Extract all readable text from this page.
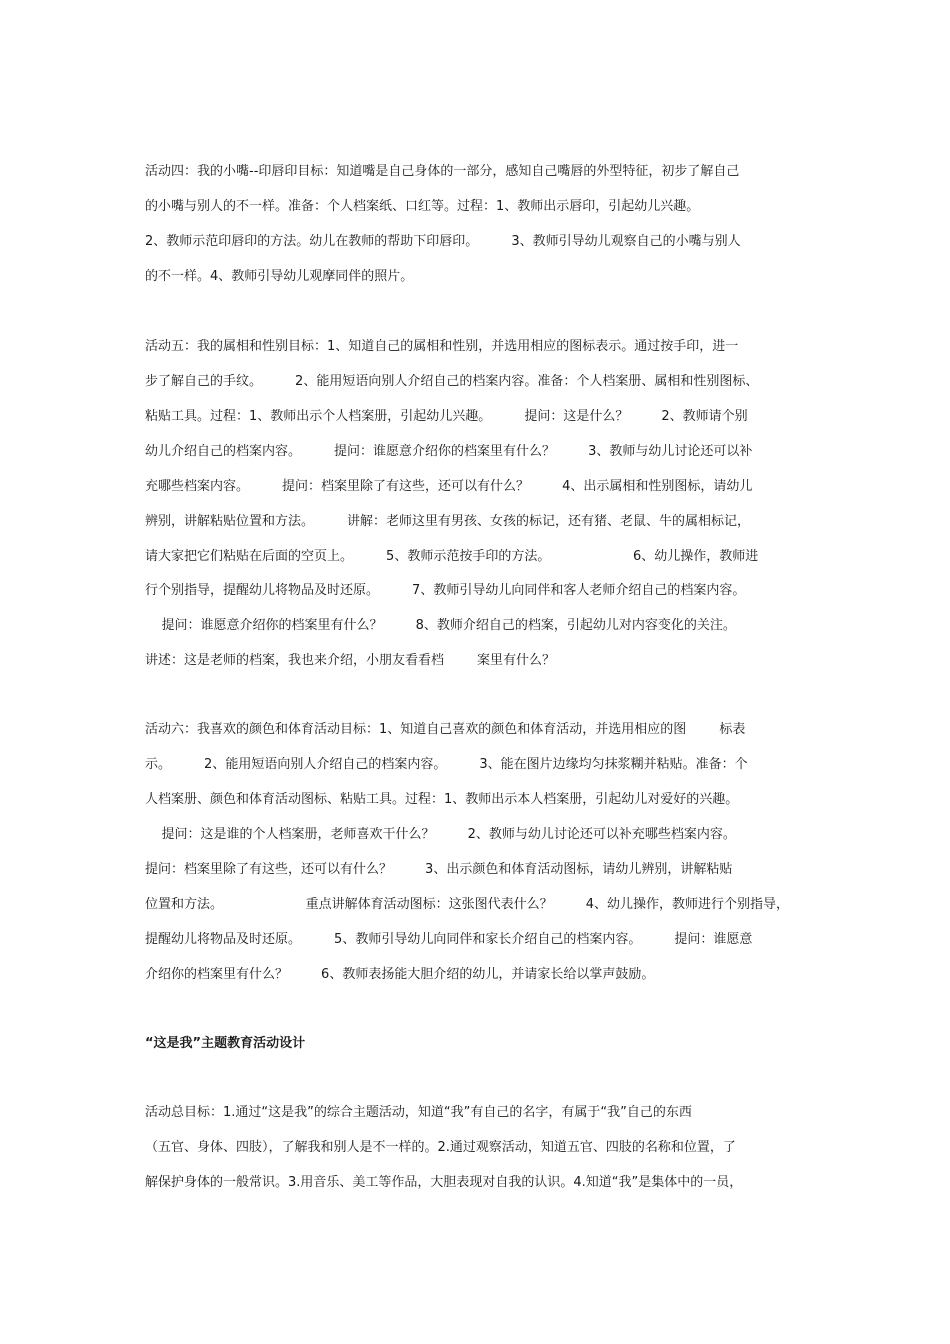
活动四：我的小嘴--印唇印目标：知道嘴是自己身体的一部分，感知自己嘴唇的外型特征，初步了解自己
的小嘴与别人的不一样。准备：个人档案纸、口红等。过程：1、教师出示唇印，引起幼儿兴趣。
2、教师示范印唇印的方法。幼儿在教师的帮助下印唇印。        3、教师引导幼儿观察自己的小嘴与别人
的不一样。4、教师引导幼儿观摩同伴的照片。
活动五：我的属相和性别目标：1、知道自己的属相和性别，并选用相应的图标表示。通过按手印，进一
步了解自己的手纹。        2、能用短语向别人介绍自己的档案内容。准备：个人档案册、属相和性别图标、
粘贴工具。过程：1、教师出示个人档案册，引起幼儿兴趣。        提问：这是什么？        2、教师请个别
幼儿介绍自己的档案内容。        提问：谁愿意介绍你的档案里有什么？        3、教师与幼儿讨论还可以补
充哪些档案内容。        提问：档案里除了有这些，还可以有什么？        4、出示属相和性别图标，请幼儿
辨别，讲解粘贴位置和方法。        讲解：老师这里有男孩、女孩的标记，还有猪、老鼠、牛的属相标记，
请大家把它们粘贴在后面的空页上。        5、教师示范按手印的方法。                    6、幼儿操作，教师进
行个别指导，提醒幼儿将物品及时还原。        7、教师引导幼儿向同伴和客人老师介绍自己的档案内容。
提问：谁愿意介绍你的档案里有什么？        8、教师介绍自己的档案，引起幼儿对内容变化的关注。
讲述：这是老师的档案，我也来介绍，小朋友看看档        案里有什么？
活动六：我喜欢的颜色和体育活动目标：1、知道自己喜欢的颜色和体育活动，并选用相应的图        标表
示。        2、能用短语向别人介绍自己的档案内容。        3、能在图片边缘均匀抹浆糊并粘贴。准备：个
人档案册、颜色和体育活动图标、粘贴工具。过程：1、教师出示本人档案册，引起幼儿对爱好的兴趣。
提问：这是谁的个人档案册，老师喜欢干什么？        2、教师与幼儿讨论还可以补充哪些档案内容。
提问：档案里除了有这些，还可以有什么？        3、出示颜色和体育活动图标，请幼儿辨别，讲解粘贴
位置和方法。                    重点讲解体育活动图标：这张图代表什么？        4、幼儿操作，教师进行个别指导，
提醒幼儿将物品及时还原。        5、教师引导幼儿向同伴和家长介绍自己的档案内容。        提问：谁愿意
介绍你的档案里有什么？        6、教师表扬能大胆介绍的幼儿，并请家长给以掌声鼓励。
“这是我”主题教育活动设计
活动总目标：1.通过“这是我”的综合主题活动，知道“我”有自己的名字，有属于“我”自己的东西
（五官、身体、四肢），了解我和别人是不一样的。2.通过观察活动，知道五官、四肢的名称和位置，了
解保护身体的一般常识。3.用音乐、美工等作品，大胆表现对自我的认识。4.知道“我”是集体中的一员，
